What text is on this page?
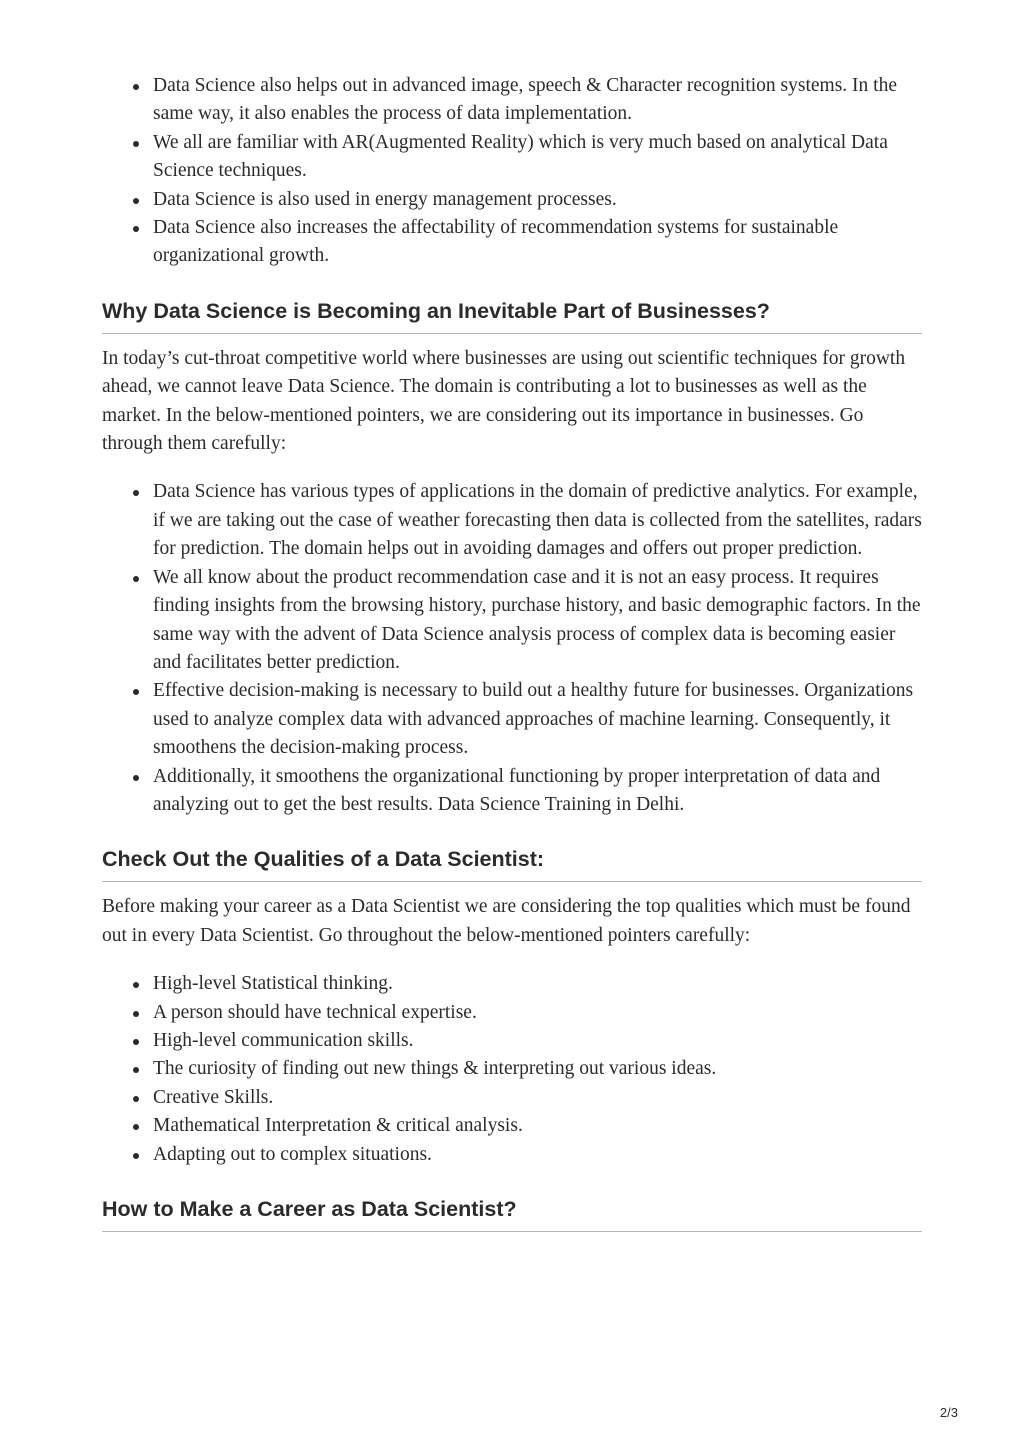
Data Science also helps out in advanced image, speech & Character recognition systems. In the same way, it also enables the process of data implementation.
We all are familiar with AR(Augmented Reality) which is very much based on analytical Data Science techniques.
Data Science is also used in energy management processes.
Data Science also increases the affectability of recommendation systems for sustainable organizational growth.
Why Data Science is Becoming an Inevitable Part of Businesses?

In today’s cut-throat competitive world where businesses are using out scientific techniques for growth ahead, we cannot leave Data Science. The domain is contributing a lot to businesses as well as the market. In the below-mentioned pointers, we are considering out its importance in businesses. Go through them carefully:

Data Science has various types of applications in the domain of predictive analytics. For example, if we are taking out the case of weather forecasting then data is collected from the satellites, radars for prediction. The domain helps out in avoiding damages and offers out proper prediction.
We all know about the product recommendation case and it is not an easy process. It requires finding insights from the browsing history, purchase history, and basic demographic factors. In the same way with the advent of Data Science analysis process of complex data is becoming easier and facilitates better prediction.
Effective decision-making is necessary to build out a healthy future for businesses. Organizations used to analyze complex data with advanced approaches of machine learning. Consequently, it smoothens the decision-making process.
Additionally, it smoothens the organizational functioning by proper interpretation of data and analyzing out to get the best results. Data Science Training in Delhi.
Check Out the Qualities of a Data Scientist:

Before making your career as a Data Scientist we are considering the top qualities which must be found out in every Data Scientist. Go throughout the below-mentioned pointers carefully:

High-level Statistical thinking.
A person should have technical expertise.
High-level communication skills.
The curiosity of finding out new things & interpreting out various ideas.
Creative Skills.
Mathematical Interpretation & critical analysis.
Adapting out to complex situations.
How to Make a Career as Data Scientist?
2/3
